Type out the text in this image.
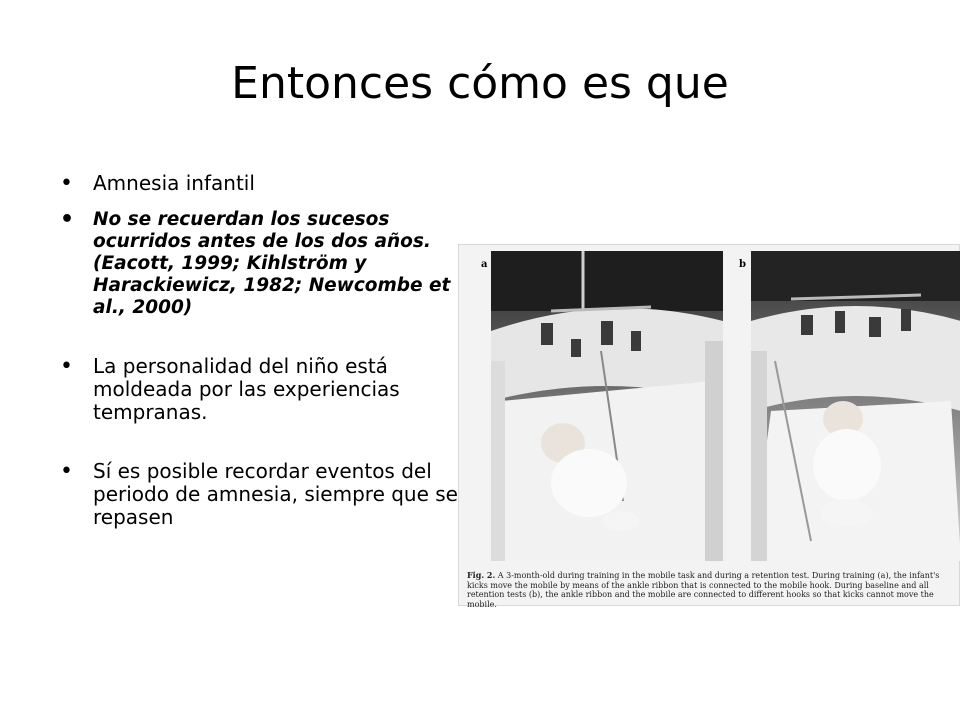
Entonces cómo es que
• Amnesia infantil
• No se recuerdan los sucesos ocurridos antes de los dos años.(Eacott, 1999; Kihlström y Harackiewicz, 1982; Newcombe et al., 2000)
• La personalidad del niño está moldeada por las experiencias tempranas.
• Sí es posible recordar eventos del periodo de amnesia, siempre que se repasen
a	b
Fig. 2. A 3-month-old during training in the mobile task and during a retention test. During training (a), the infant's kicks move the mobile by means of the ankle ribbon that is connected to the mobile hook. During baseline and all retention tests (b), the ankle ribbon and the mobile are connected to different hooks so that kicks cannot move the mobile.
